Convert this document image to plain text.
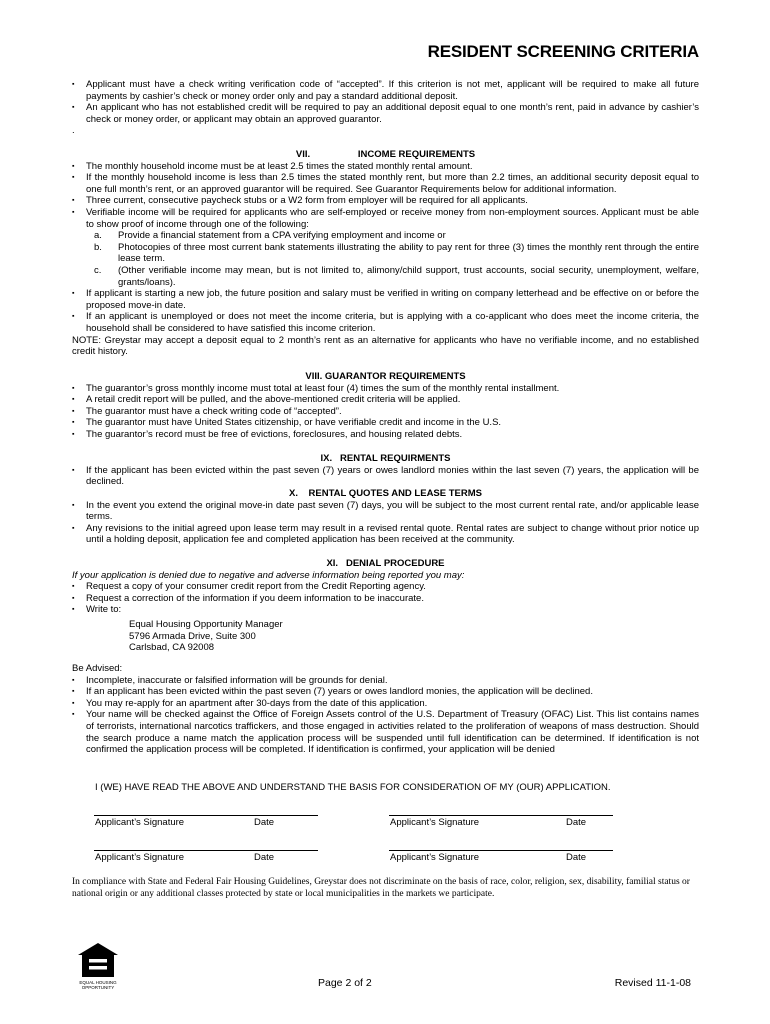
RESIDENT SCREENING CRITERIA
▪	Applicant must have a check writing verification code of “accepted”. If this criterion is not met, applicant will be required to make all future payments by cashier’s check or money order only and pay a standard additional deposit.
▪	An applicant who has not established credit will be required to pay an additional deposit equal to one month’s rent, paid in advance by cashier’s check or money order, or applicant may obtain an approved guarantor.
.
VII.	INCOME REQUIREMENTS
▪	The monthly household income must be at least 2.5 times the stated monthly rental amount.
▪	If the monthly household income is less than 2.5 times the stated monthly rent, but more than 2.2 times, an additional security deposit equal to one full month’s rent, or an approved guarantor will be required. See Guarantor Requirements below for additional information.
▪	Three current, consecutive paycheck stubs or a W2 form from employer will be required for all applicants.
▪	Verifiable income will be required for applicants who are self-employed or receive money from non-employment sources. Applicant must be able to show proof of income through one of the following:
a.	Provide a financial statement from a CPA verifying employment and income or
b.	Photocopies of three most current bank statements illustrating the ability to pay rent for three (3) times the monthly rent through the entire lease term.
c.	(Other verifiable income may mean, but is not limited to, alimony/child support, trust accounts, social security, unemployment, welfare, grants/loans).
▪	If applicant is starting a new job, the future position and salary must be verified in writing on company letterhead and be effective on or before the proposed move-in date.
▪	If an applicant is unemployed or does not meet the income criteria, but is applying with a co-applicant who does meet the income criteria, the household shall be considered to have satisfied this income criterion.
NOTE: Greystar may accept a deposit equal to 2 month’s rent as an alternative for applicants who have no verifiable income, and no established credit history.
VIII. GUARANTOR REQUIREMENTS
▪	The guarantor’s gross monthly income must total at least four (4) times the sum of the monthly rental installment.
▪	A retail credit report will be pulled, and the above-mentioned credit criteria will be applied.
▪	The guarantor must have a check writing code of “accepted”.
▪	The guarantor must have United States citizenship, or have verifiable credit and income in the U.S.
▪	The guarantor’s record must be free of evictions, foreclosures, and housing related debts.
IX.   RENTAL REQUIRMENTS
▪	If the applicant has been evicted within the past seven (7) years or owes landlord monies within the last seven (7) years, the application will be declined.
X.    RENTAL QUOTES AND LEASE TERMS
▪	In the event you extend the original move-in date past seven (7) days, you will be subject to the most current rental rate, and/or applicable lease terms.
▪	Any revisions to the initial agreed upon lease term may result in a revised rental quote. Rental rates are subject to change without prior notice up until a holding deposit, application fee and completed application has been received at the community.
XI.   DENIAL PROCEDURE
If your application is denied due to negative and adverse information being reported you may:
▪	Request a copy of your consumer credit report from the Credit Reporting agency.
▪	Request a correction of the information if you deem information to be inaccurate.
▪	Write to:
Equal Housing Opportunity Manager
5796 Armada Drive, Suite 300
Carlsbad, CA 92008
Be Advised:
▪	Incomplete, inaccurate or falsified information will be grounds for denial.
▪	If an applicant has been evicted within the past seven (7) years or owes landlord monies, the application will be declined.
▪	You may re-apply for an apartment after 30-days from the date of this application.
▪	Your name will be checked against the Office of Foreign Assets control of the U.S. Department of Treasury (OFAC) List. This list contains names of terrorists, international narcotics traffickers, and those engaged in activities related to the proliferation of weapons of mass destruction. Should the search produce a name match the application process will be suspended until full identification can be determined. If identification is not confirmed the application process will be completed. If identification is confirmed, your application will be denied
I (WE) HAVE READ THE ABOVE AND UNDERSTAND THE BASIS FOR CONSIDERATION OF MY (OUR) APPLICATION.
Applicant’s Signature	Date	Applicant’s Signature	Date
Applicant’s Signature	Date	Applicant’s Signature	Date
In compliance with State and Federal Fair Housing Guidelines, Greystar does not discriminate on the basis of race, color, religion, sex, disability, familial status or national origin or any additional classes protected by state or local municipalities in the markets we participate.
EQUAL HOUSING
OPPORTUNITY	Page 2 of 2	Revised 11-1-08
